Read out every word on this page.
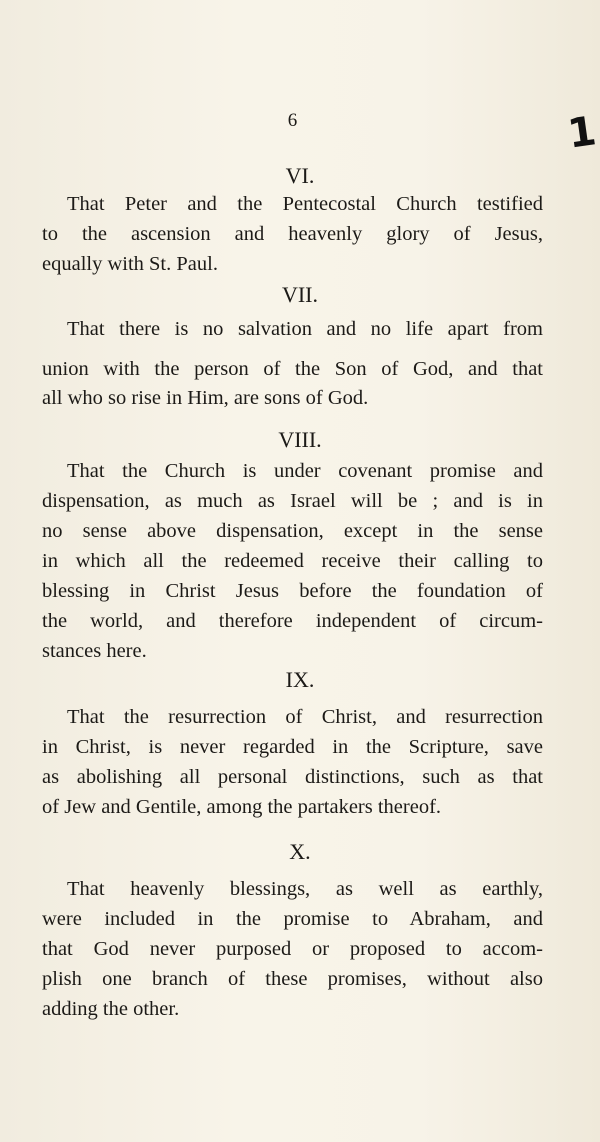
6	1
VI.
That Peter and the Pentecostal Church testified
to the ascension and heavenly glory of Jesus,
equally with St. Paul.
VII.
That there is no salvation and no life apart from
union with the person of the Son of God, and that
all who so rise in Him, are sons of God.
VIII.
That the Church is under covenant promise and
dispensation, as much as Israel will be ; and is in
no sense above dispensation, except in the sense
in which all the redeemed receive their calling to
blessing in Christ Jesus before the foundation of
the world, and therefore independent of circum-
stances here.
IX.
That the resurrection of Christ, and resurrection
in Christ, is never regarded in the Scripture, save
as abolishing all personal distinctions, such as that
of Jew and Gentile, among the partakers thereof.
X.
That heavenly blessings, as well as earthly,
were included in the promise to Abraham, and
that God never purposed or proposed to accom-
plish one branch of these promises, without also
adding the other.
